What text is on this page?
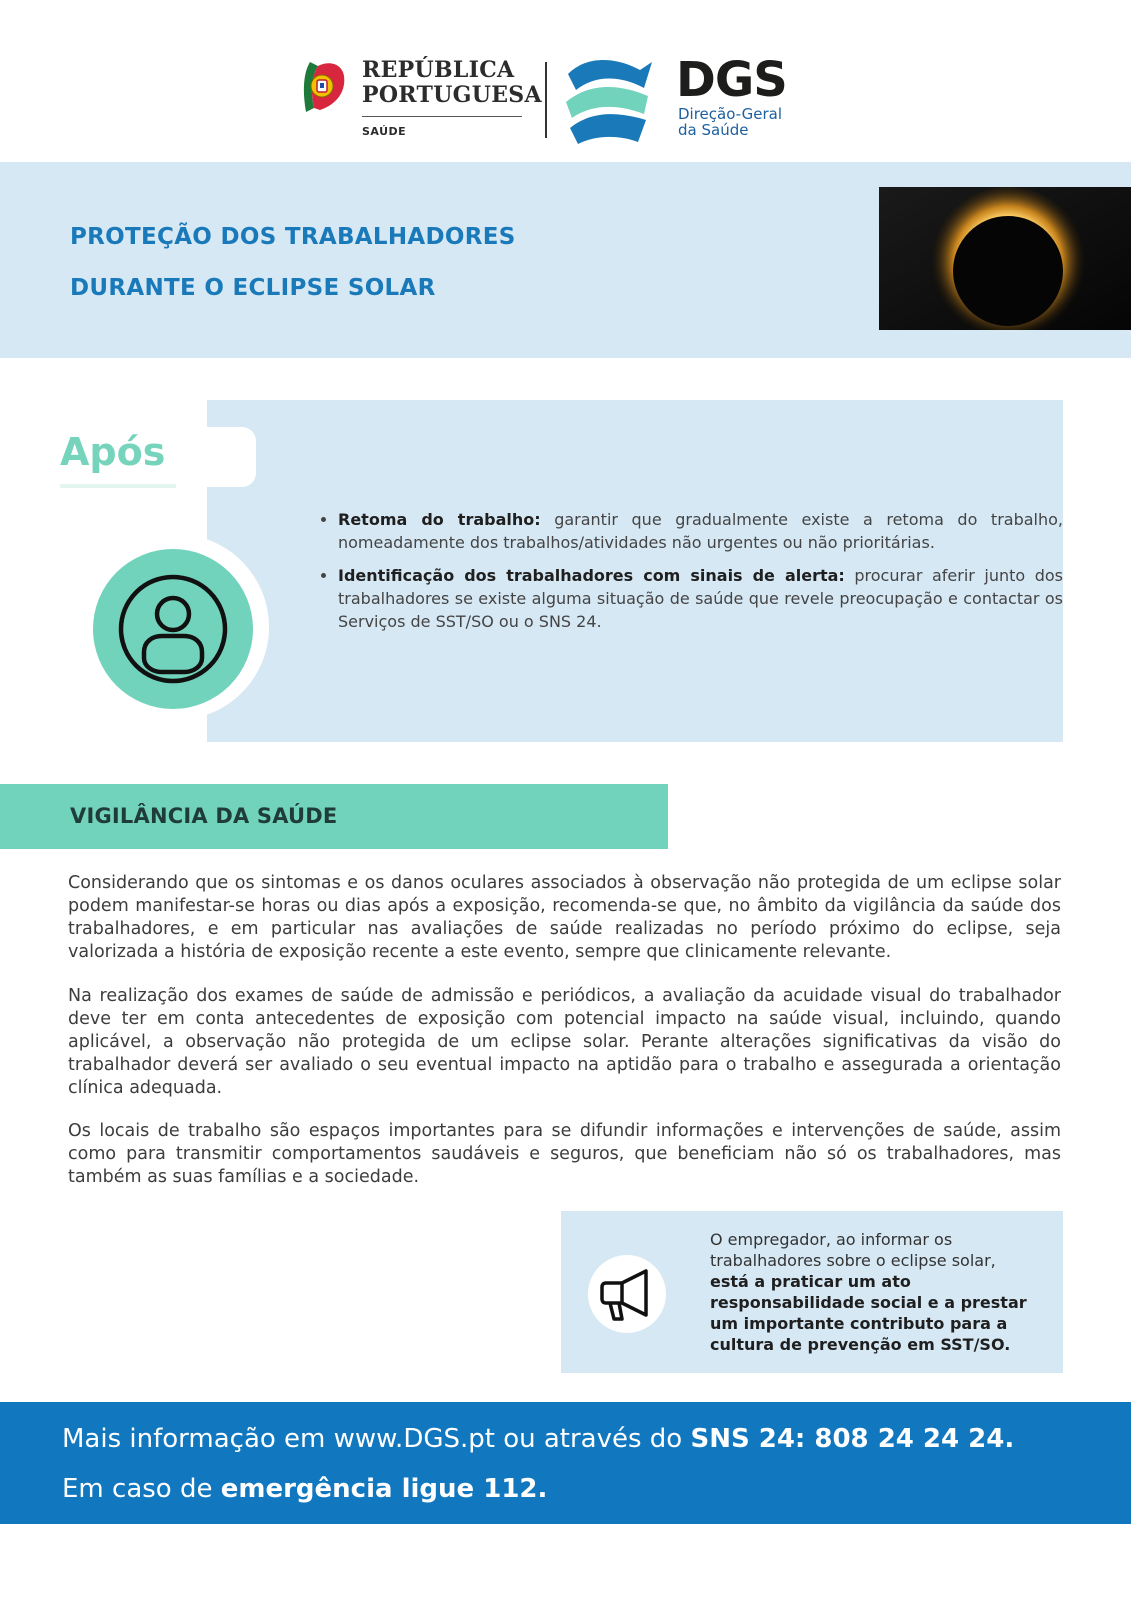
REPÚBLICA
PORTUGUESA
SAÚDE
DGS
Direção-Geral
da Saúde
PROTEÇÃO DOS TRABALHADORES
DURANTE O ECLIPSE SOLAR
Após
• Retoma do trabalho: garantir que gradualmente existe a retoma do trabalho, nomeadamente dos trabalhos/atividades não urgentes ou não prioritárias.
• Identificação dos trabalhadores com sinais de alerta: procurar aferir junto dos trabalhadores se existe alguma situação de saúde que revele preocupação e contactar os Serviços de SST/SO ou o SNS 24.
VIGILÂNCIA DA SAÚDE

Considerando que os sintomas e os danos oculares associados à observação não protegida de um eclipse solar podem manifestar-se horas ou dias após a exposição, recomenda-se que, no âmbito da vigilância da saúde dos trabalhadores, e em particular nas avaliações de saúde realizadas no período próximo do eclipse, seja valorizada a história de exposição recente a este evento, sempre que clinicamente relevante.

Na realização dos exames de saúde de admissão e periódicos, a avaliação da acuidade visual do trabalhador deve ter em conta antecedentes de exposição com potencial impacto na saúde visual, incluindo, quando aplicável, a observação não protegida de um eclipse solar. Perante alterações significativas da visão do trabalhador deverá ser avaliado o seu eventual impacto na aptidão para o trabalho e assegurada a orientação clínica adequada.

Os locais de trabalho são espaços importantes para se difundir informações e intervenções de saúde, assim como para transmitir comportamentos saudáveis e seguros, que beneficiam não só os trabalhadores, mas também as suas famílias e a sociedade.

O empregador, ao informar os trabalhadores sobre o eclipse solar, está a praticar um ato responsabilidade social e a prestar um importante contributo para a cultura de prevenção em SST/SO.
Mais informação em www.DGS.pt ou através do SNS 24: 808 24 24 24.
Em caso de emergência ligue 112.
